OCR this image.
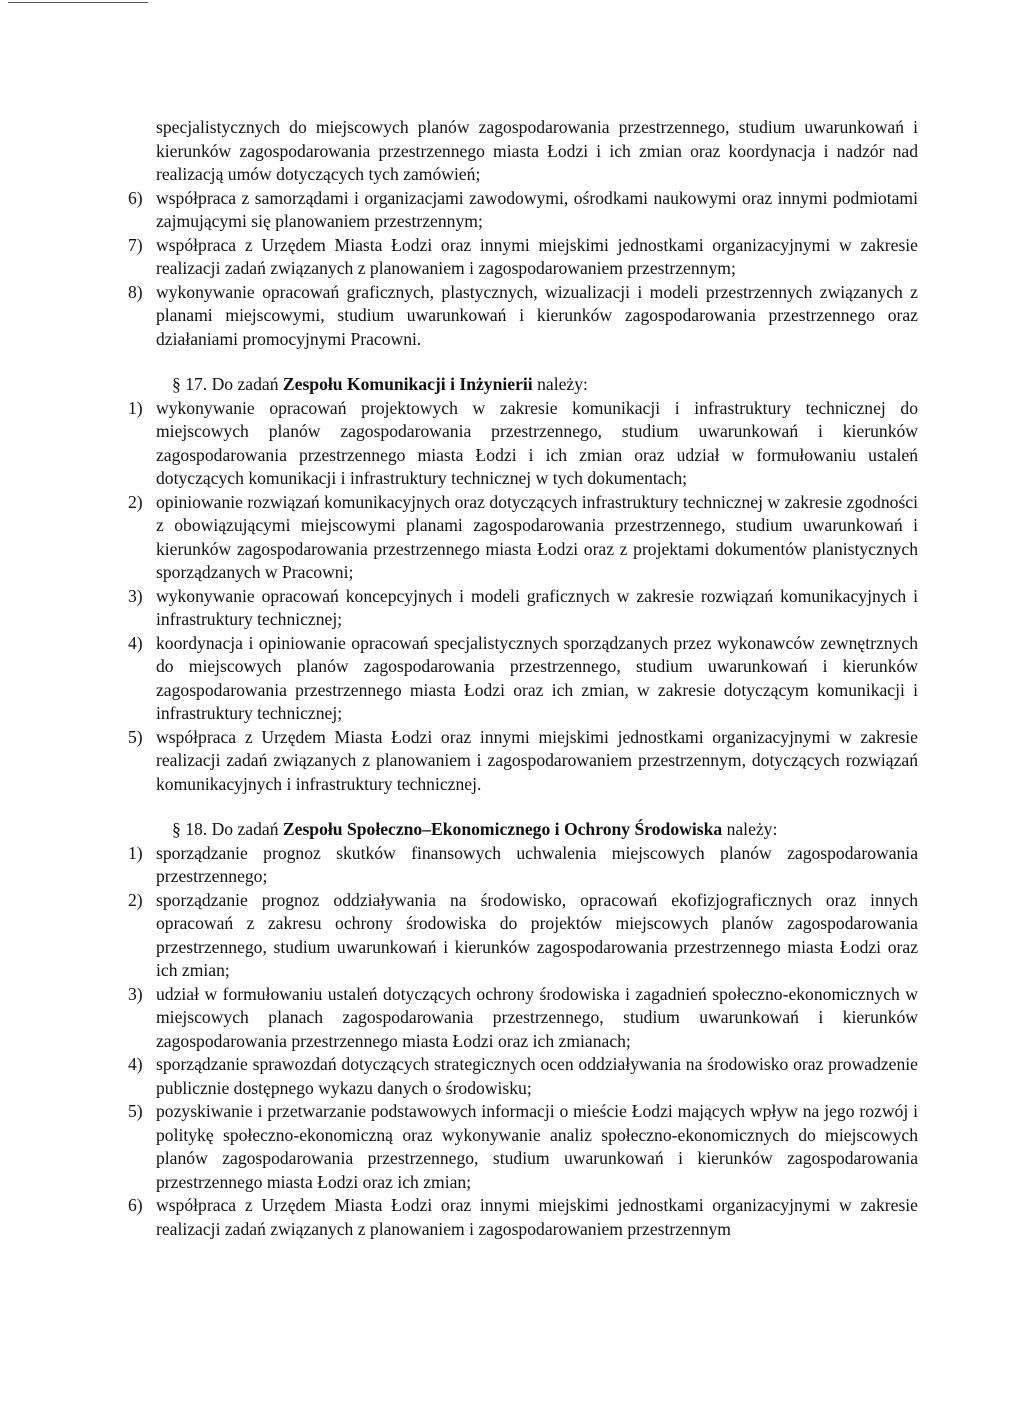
specjalistycznych do miejscowych planów zagospodarowania przestrzennego, studium uwarunkowań i kierunków zagospodarowania przestrzennego miasta Łodzi i ich zmian oraz koordynacja i nadzór nad realizacją umów dotyczących tych zamówień;
6) współpraca z samorządami i organizacjami zawodowymi, ośrodkami naukowymi oraz innymi podmiotami zajmującymi się planowaniem przestrzennym;
7) współpraca z Urzędem Miasta Łodzi oraz innymi miejskimi jednostkami organizacyjnymi w zakresie realizacji zadań związanych z planowaniem i zagospodarowaniem przestrzennym;
8) wykonywanie opracowań graficznych, plastycznych, wizualizacji i modeli przestrzennych związanych z planami miejscowymi, studium uwarunkowań i kierunków zagospodarowania przestrzennego oraz działaniami promocyjnymi Pracowni.
§ 17. Do zadań Zespołu Komunikacji i Inżynierii należy:
1) wykonywanie opracowań projektowych w zakresie komunikacji i infrastruktury technicznej do miejscowych planów zagospodarowania przestrzennego, studium uwarunkowań i kierunków zagospodarowania przestrzennego miasta Łodzi i ich zmian oraz udział w formułowaniu ustaleń dotyczących komunikacji i infrastruktury technicznej w tych dokumentach;
2) opiniowanie rozwiązań komunikacyjnych oraz dotyczących infrastruktury technicznej w zakresie zgodności z obowiązującymi miejscowymi planami zagospodarowania przestrzennego, studium uwarunkowań i kierunków zagospodarowania przestrzennego miasta Łodzi oraz z projektami dokumentów planistycznych sporządzanych w Pracowni;
3) wykonywanie opracowań koncepcyjnych i modeli graficznych w zakresie rozwiązań komunikacyjnych i infrastruktury technicznej;
4) koordynacja i opiniowanie opracowań specjalistycznych sporządzanych przez wykonawców zewnętrznych do miejscowych planów zagospodarowania przestrzennego, studium uwarunkowań i kierunków zagospodarowania przestrzennego miasta Łodzi oraz ich zmian, w zakresie dotyczącym komunikacji i infrastruktury technicznej;
5) współpraca z Urzędem Miasta Łodzi oraz innymi miejskimi jednostkami organizacyjnymi w zakresie realizacji zadań związanych z planowaniem i zagospodarowaniem przestrzennym, dotyczących rozwiązań komunikacyjnych i infrastruktury technicznej.
§ 18. Do zadań Zespołu Społeczno–Ekonomicznego i Ochrony Środowiska należy:
1) sporządzanie prognoz skutków finansowych uchwalenia miejscowych planów zagospodarowania przestrzennego;
2) sporządzanie prognoz oddziaływania na środowisko, opracowań ekofizjograficznych oraz innych opracowań z zakresu ochrony środowiska do projektów miejscowych planów zagospodarowania przestrzennego, studium uwarunkowań i kierunków zagospodarowania przestrzennego miasta Łodzi oraz ich zmian;
3) udział w formułowaniu ustaleń dotyczących ochrony środowiska i zagadnień społeczno-ekonomicznych w miejscowych planach zagospodarowania przestrzennego, studium uwarunkowań i kierunków zagospodarowania przestrzennego miasta Łodzi oraz ich zmianach;
4) sporządzanie sprawozdań dotyczących strategicznych ocen oddziaływania na środowisko oraz prowadzenie publicznie dostępnego wykazu danych o środowisku;
5) pozyskiwanie i przetwarzanie podstawowych informacji o mieście Łodzi mających wpływ na jego rozwój i politykę społeczno-ekonomiczną oraz wykonywanie analiz społeczno-ekonomicznych do miejscowych planów zagospodarowania przestrzennego, studium uwarunkowań i kierunków zagospodarowania przestrzennego miasta Łodzi oraz ich zmian;
6) współpraca z Urzędem Miasta Łodzi oraz innymi miejskimi jednostkami organizacyjnymi w zakresie realizacji zadań związanych z planowaniem i zagospodarowaniem przestrzennym
